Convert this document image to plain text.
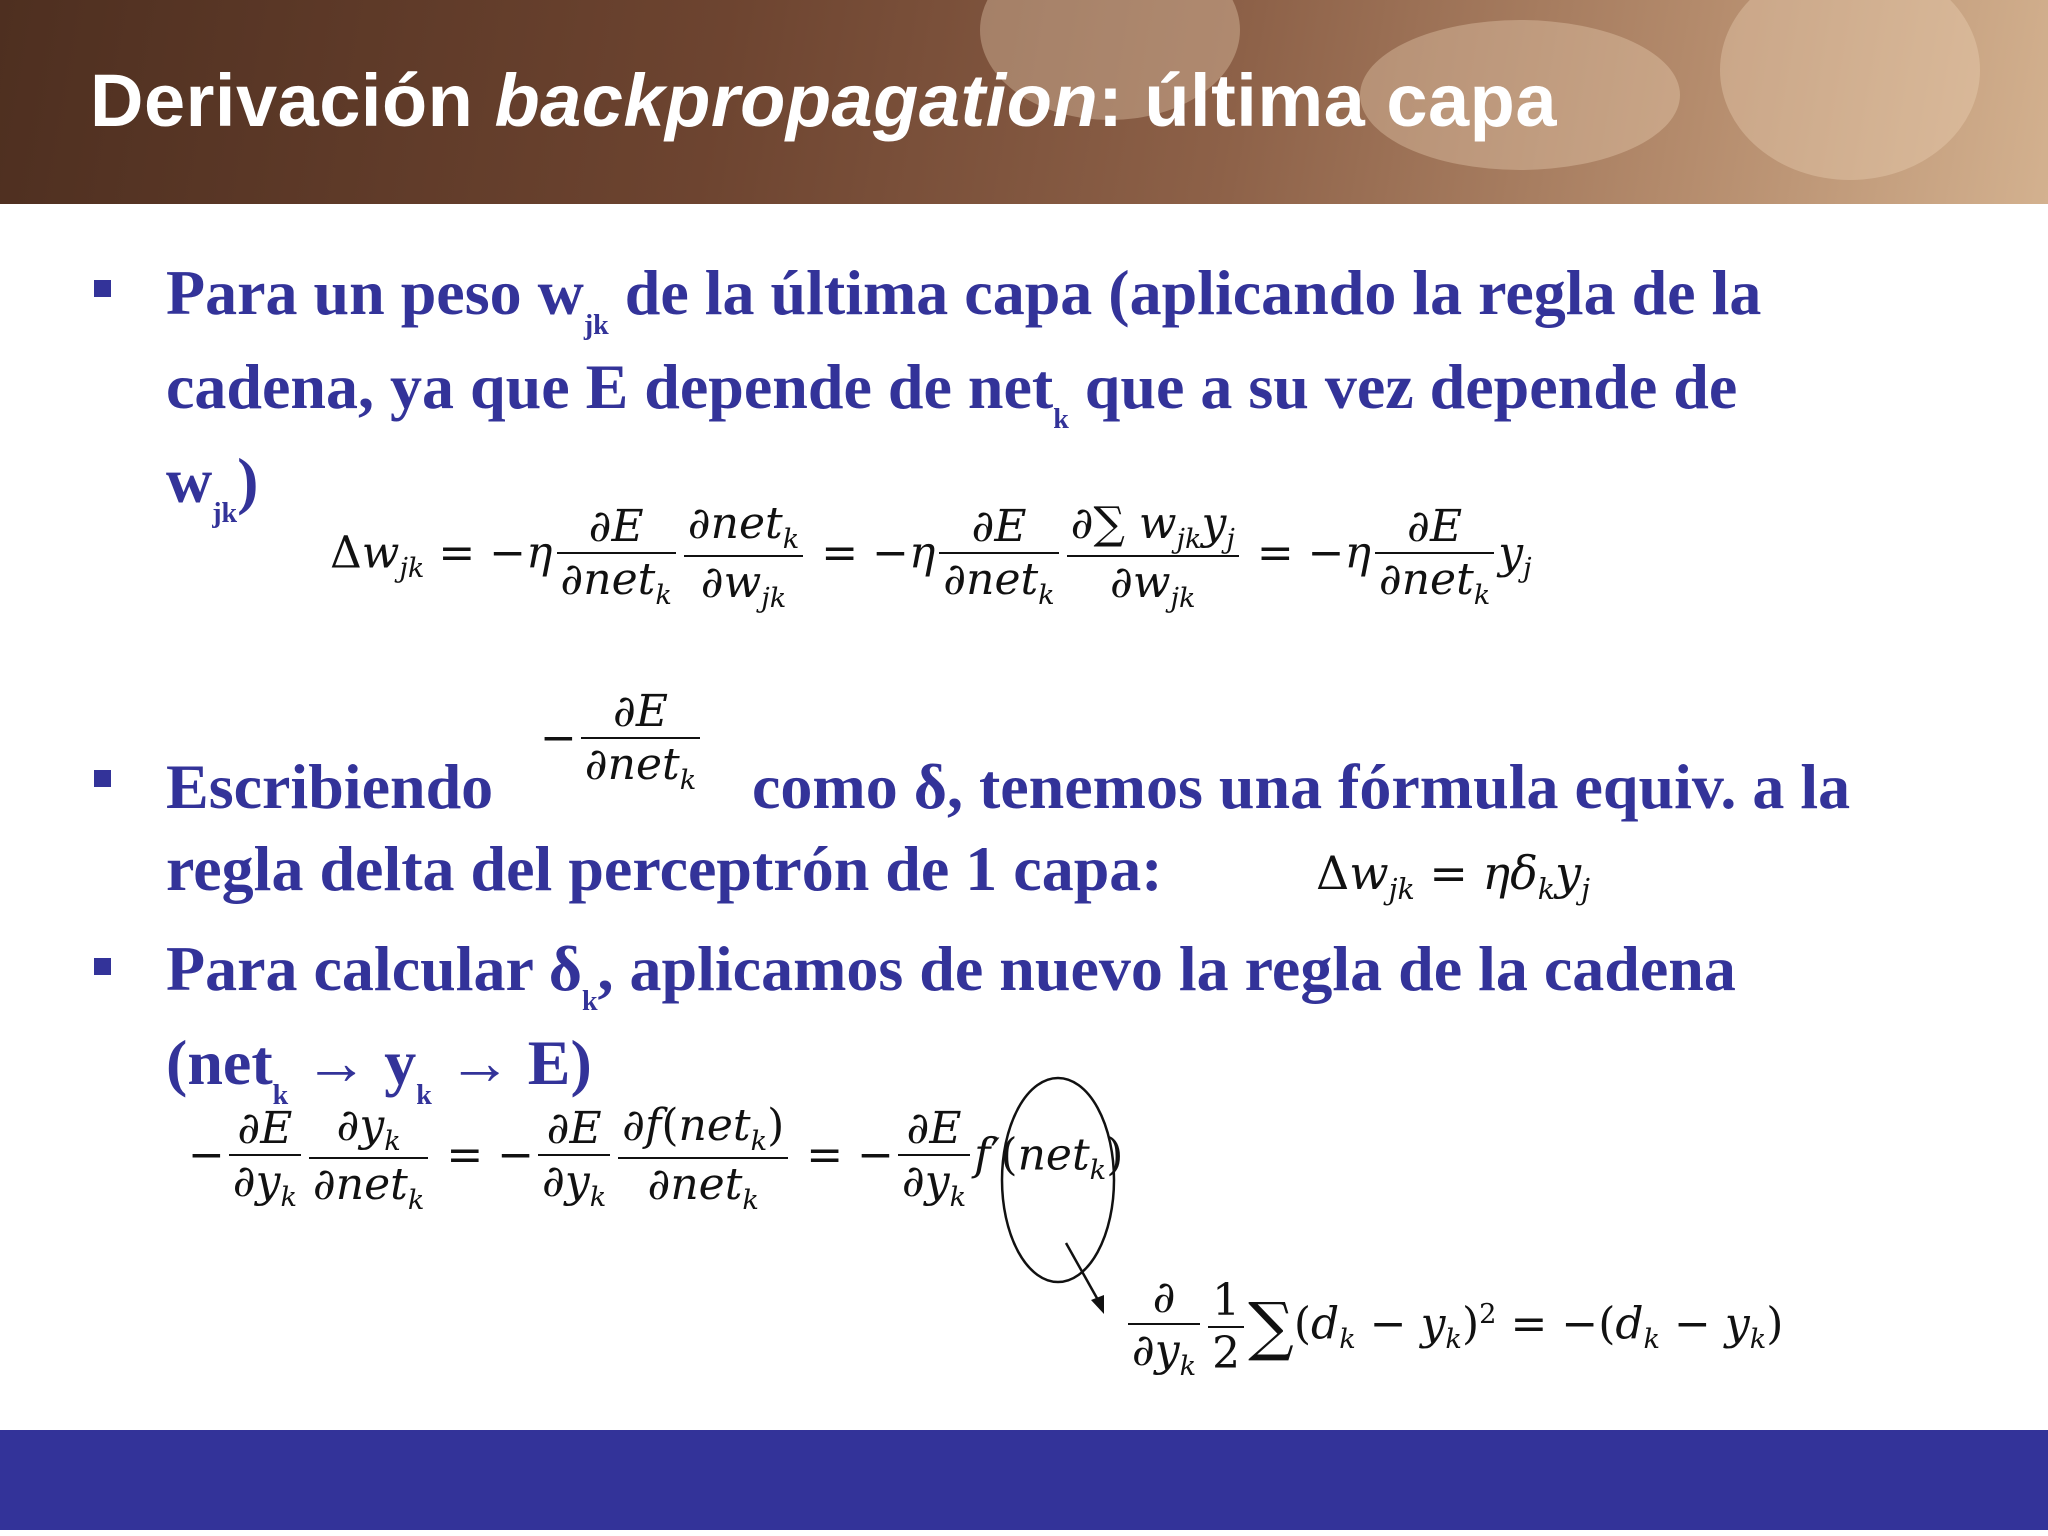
Derivación backpropagation: última capa
Para un peso $w_{jk}$ de la última capa (aplicando la regla de la
cadena, ya que E depende de net$_k$ que a su vez depende de
$w_{jk}$)
$\Delta w_{jk} = -\eta \frac{\partial E}{\partial net_k} \frac{\partial net_k}{\partial w_{jk}} = -\eta \frac{\partial E}{\partial net_k} \frac{\partial\sum w_{jk}y_j}{\partial w_{jk}} = -\eta \frac{\partial E}{\partial net_k} y_j$
Escribiendo
− $\frac{\partial E}{\partial net_k}$ como δ, tenemos una fórmula equiv. a la
regla delta del perceptrón de 1 capa:	$\Delta w_{jk} = \eta\delta_ky_j$
Para calcular $\delta_k$, aplicamos de nuevo la regla de la cadena
$(net_k \to y_k \to E)$
− $\frac{\partial E}{\partial y_k} \frac{\partial y_k}{\partial net_k}$ = − $\frac{\partial E}{\partial y_k} \frac{\partial f(net_k)}{\partial net_k}$ = − $\frac{\partial E}{\partial y_k} f'(net_k)$
$\frac{\partial}{\partial y_k} \frac{1}{2} \sum(d_k - y_k)^2 = -(d_k - y_k)$
